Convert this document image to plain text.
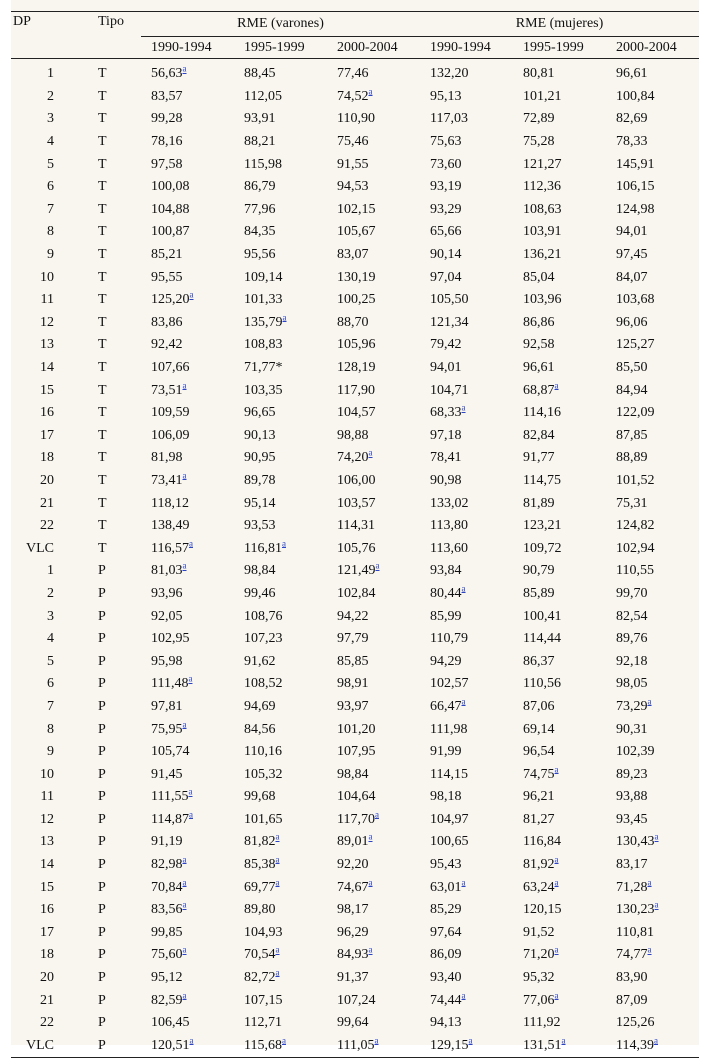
DP	Tipo	RME (varones)			RME (mujeres)		
		1990-1994	1995-1999	2000-2004	1990-1994	1995-1999	2000-2004
1	T	56,63$^a$	88,45	77,46	132,20	80,81	96,61
2	T	83,57	112,05	74,52$^a$	95,13	101,21	100,84
3	T	99,28	93,91	110,90	117,03	72,89	82,69
4	T	78,16	88,21	75,46	75,63	75,28	78,33
5	T	97,58	115,98	91,55	73,60	121,27	145,91
6	T	100,08	86,79	94,53	93,19	112,36	106,15
7	T	104,88	77,96	102,15	93,29	108,63	124,98
8	T	100,87	84,35	105,67	65,66	103,91	94,01
9	T	85,21	95,56	83,07	90,14	136,21	97,45
10	T	95,55	109,14	130,19	97,04	85,04	84,07
11	T	125,20$^a$	101,33	100,25	105,50	103,96	103,68
12	T	83,86	135,79$^a$	88,70	121,34	86,86	96,06
13	T	92,42	108,83	105,96	79,42	92,58	125,27
14	T	107,66	71,77*	128,19	94,01	96,61	85,50
15	T	73,51$^a$	103,35	117,90	104,71	68,87$^a$	84,94
16	T	109,59	96,65	104,57	68,33$^a$	114,16	122,09
17	T	106,09	90,13	98,88	97,18	82,84	87,85
18	T	81,98	90,95	74,20$^a$	78,41	91,77	88,89
20	T	73,41$^a$	89,78	106,00	90,98	114,75	101,52
21	T	118,12	95,14	103,57	133,02	81,89	75,31
22	T	138,49	93,53	114,31	113,80	123,21	124,82
VLC	T	116,57$^a$	116,81$^a$	105,76	113,60	109,72	102,94
1	P	81,03$^a$	98,84	121,49$^a$	93,84	90,79	110,55
2	P	93,96	99,46	102,84	80,44$^a$	85,89	99,70
3	P	92,05	108,76	94,22	85,99	100,41	82,54
4	P	102,95	107,23	97,79	110,79	114,44	89,76
5	P	95,98	91,62	85,85	94,29	86,37	92,18
6	P	111,48$^a$	108,52	98,91	102,57	110,56	98,05
7	P	97,81	94,69	93,97	66,47$^a$	87,06	73,29$^a$
8	P	75,95$^a$	84,56	101,20	111,98	69,14	90,31
9	P	105,74	110,16	107,95	91,99	96,54	102,39
10	P	91,45	105,32	98,84	114,15	74,75$^a$	89,23
11	P	111,55$^a$	99,68	104,64	98,18	96,21	93,88
12	P	114,87$^a$	101,65	117,70$^a$	104,97	81,27	93,45
13	P	91,19	81,82$^a$	89,01$^a$	100,65	116,84	130,43$^a$
14	P	82,98$^a$	85,38$^a$	92,20	95,43	81,92$^a$	83,17
15	P	70,84$^a$	69,77$^a$	74,67$^a$	63,01$^a$	63,24$^a$	71,28$^a$
16	P	83,56$^a$	89,80	98,17	85,29	120,15	130,23$^a$
17	P	99,85	104,93	96,29	97,64	91,52	110,81
18	P	75,60$^a$	70,54$^a$	84,93$^a$	86,09	71,20$^a$	74,77$^a$
20	P	95,12	82,72$^a$	91,37	93,40	95,32	83,90
21	P	82,59$^a$	107,15	107,24	74,44$^a$	77,06$^a$	87,09
22	P	106,45	112,71	99,64	94,13	111,92	125,26
VLC	P	120,51$^a$	115,68$^a$	111,05$^a$	129,15$^a$	131,51$^a$	114,39$^a$
